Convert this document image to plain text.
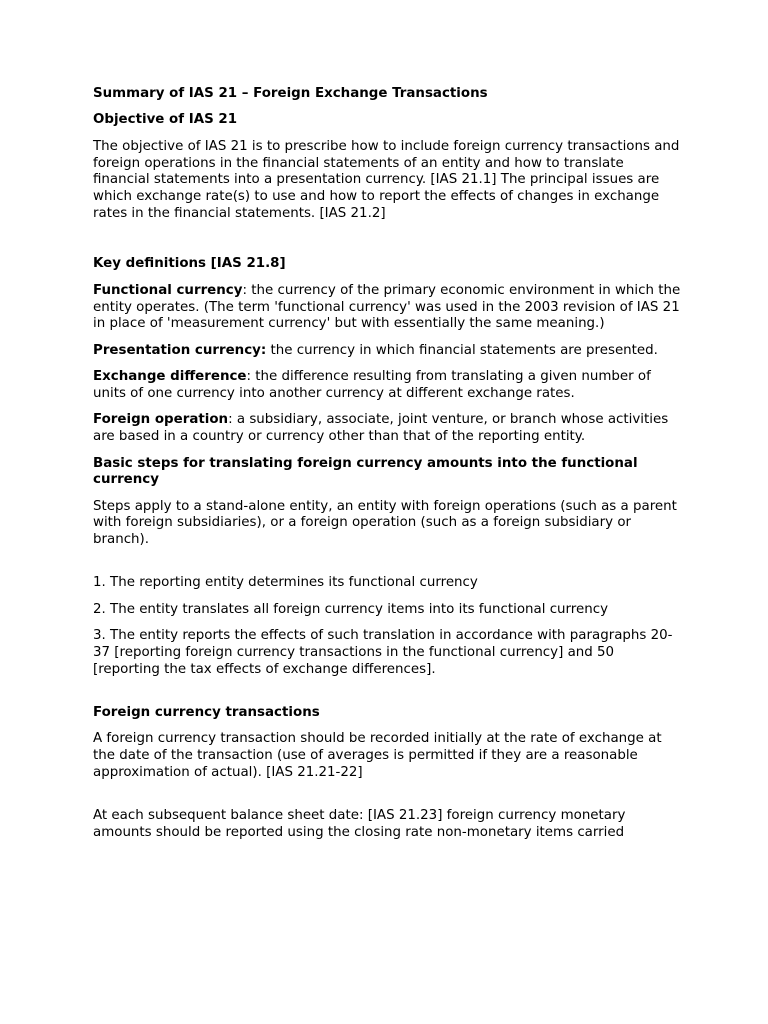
Summary of IAS 21 – Foreign Exchange Transactions

Objective of IAS 21

The objective of IAS 21 is to prescribe how to include foreign currency transactions and foreign operations in the financial statements of an entity and how to translate financial statements into a presentation currency. [IAS 21.1] The principal issues are which exchange rate(s) to use and how to report the effects of changes in exchange rates in the financial statements. [IAS 21.2]

Key definitions [IAS 21.8]

Functional currency: the currency of the primary economic environment in which the entity operates. (The term 'functional currency' was used in the 2003 revision of IAS 21 in place of 'measurement currency' but with essentially the same meaning.)

Presentation currency: the currency in which financial statements are presented.

Exchange difference: the difference resulting from translating a given number of units of one currency into another currency at different exchange rates.

Foreign operation: a subsidiary, associate, joint venture, or branch whose activities are based in a country or currency other than that of the reporting entity.

Basic steps for translating foreign currency amounts into the functional currency

Steps apply to a stand-alone entity, an entity with foreign operations (such as a parent with foreign subsidiaries), or a foreign operation (such as a foreign subsidiary or branch).

1. The reporting entity determines its functional currency

2. The entity translates all foreign currency items into its functional currency

3. The entity reports the effects of such translation in accordance with paragraphs 20-37 [reporting foreign currency transactions in the functional currency] and 50 [reporting the tax effects of exchange differences].

Foreign currency transactions

A foreign currency transaction should be recorded initially at the rate of exchange at the date of the transaction (use of averages is permitted if they are a reasonable approximation of actual). [IAS 21.21-22]

At each subsequent balance sheet date: [IAS 21.23] foreign currency monetary amounts should be reported using the closing rate non-monetary items carried
